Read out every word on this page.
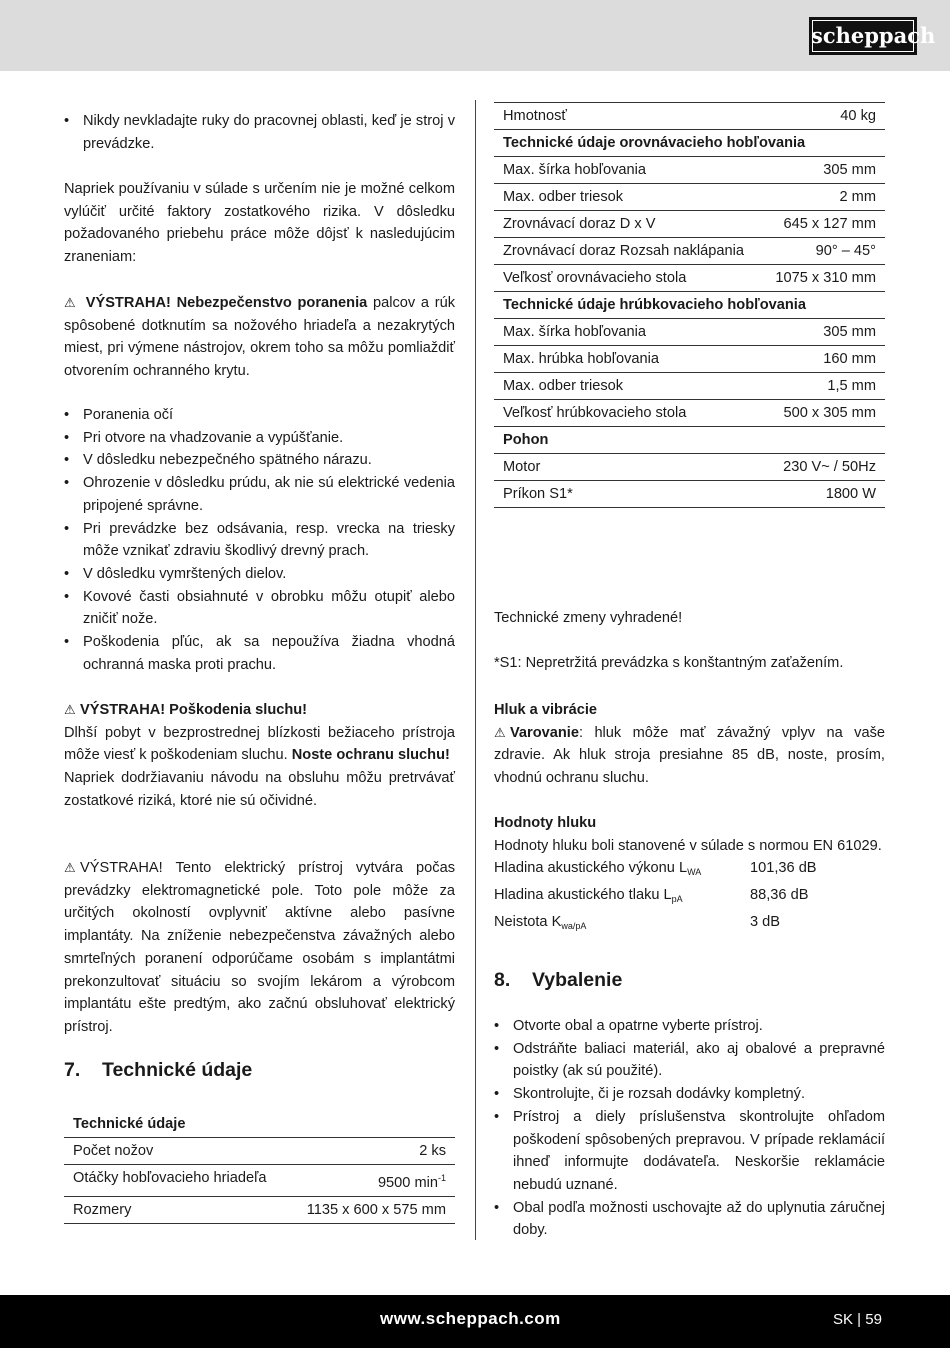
scheppach
• Nikdy nevkladajte ruky do pracovnej oblasti, keď je stroj v prevádzke.

Napriek používaniu v súlade s určením nie je možné celkom vylúčiť určité faktory zostatkového rizika. V dôsledku požadovaného priebehu práce môže dôjsť k nasledujúcim zraneniam:

⚠ VÝSTRAHA! Nebezpečenstvo poranenia palcov a rúk spôsobené dotknutím sa nožového hriadeľa a nezakrytých miest, pri výmene nástrojov, okrem toho sa môžu pomliaždiť otvorením ochranného krytu.

• Poranenia očí
• Pri otvore na vhadzovanie a vypúšťanie.
• V dôsledku nebezpečného spätného nárazu.
• Ohrozenie v dôsledku prúdu, ak nie sú elektrické vedenia pripojené správne.
• Pri prevádzke bez odsávania, resp. vrecka na triesky môže vznikať zdraviu škodlivý drevný prach.
• V dôsledku vymrštených dielov.
• Kovové časti obsiahnuté v obrobku môžu otupiť alebo zničiť nože.
• Poškodenia pľúc, ak sa nepoužíva žiadna vhodná ochranná maska proti prachu.

⚠ VÝSTRAHA! Poškodenia sluchu!

Dlhší pobyt v bezprostrednej blízkosti bežiaceho prístroja môže viesť k poškodeniam sluchu. Noste ochranu sluchu!

Napriek dodržiavaniu návodu na obsluhu môžu pretrvávať zostatkové riziká, ktoré nie sú očividné.

⚠ VÝSTRAHA! Tento elektrický prístroj vytvára počas prevádzky elektromagnetické pole. Toto pole môže za určitých okolností ovplyvniť aktívne alebo pasívne implantáty. Na zníženie nebezpečenstva závažných alebo smrteľných poranení odporúčame osobám s implantátmi prekonzultovať situáciu so svojím lekárom a výrobcom implantátu ešte predtým, ako začnú obsluhovať elektrický prístroj.

7. Technické údaje
Technické údaje	
Počet nožov	2 ks
Otáčky hobľovacieho hriadeľa	9500 $\min^{-1}$
Rozmery	1135 x 600 x 575 mm
Hmotnosť	40 kg
Technické údaje orovnávacieho hobľovania	
Max. šírka hobľovania	305 mm
Max. odber triesok	2 mm
Zrovnávací doraz D x V	645 x 127 mm
Zrovnávací doraz Rozsah naklápania	90° – 45°
Veľkosť orovnávacieho stola	1075 x 310 mm
Technické údaje hrúbkovacieho hobľovania	
Max. šírka hobľovania	305 mm
Max. hrúbka hobľovania	160 mm
Max. odber triesok	1,5 mm
Veľkosť hrúbkovacieho stola	500 x 305 mm
Pohon	
Motor	230 V~ / 50Hz
Príkon S1*	1800 W

Technické zmeny vyhradené!

*S1: Nepretržitá prevádzka s konštantným zaťažením.

Hluk a vibrácie

⚠ Varovanie: hluk môže mať závažný vplyv na vaše zdravie. Ak hluk stroja presiahne 85 dB, noste, prosím, vhodnú ochranu sluchu.

Hodnoty hluku

Hodnoty hluku boli stanovené v súlade s normou EN 61029.

Hladina akustického výkonu $L_{WA}$	101,36 dB
Hladina akustického tlaku $L_{pA}$	88,36 dB
Neistota $K_{wa/pA}$	3 dB
8. Vybalenie
• Otvorte obal a opatrne vyberte prístroj.
• Odstráňte baliaci materiál, ako aj obalové a prepravné poistky (ak sú použité).
• Skontrolujte, či je rozsah dodávky kompletný.
• Prístroj a diely príslušenstva skontrolujte ohľadom poškodení spôsobených prepravou. V prípade reklamácií ihneď informujte dodávateľa. Neskoršie reklamácie nebudú uznané.
• Obal podľa možnosti uschovajte až do uplynutia záručnej doby.
www.scheppach.com	SK | 59
